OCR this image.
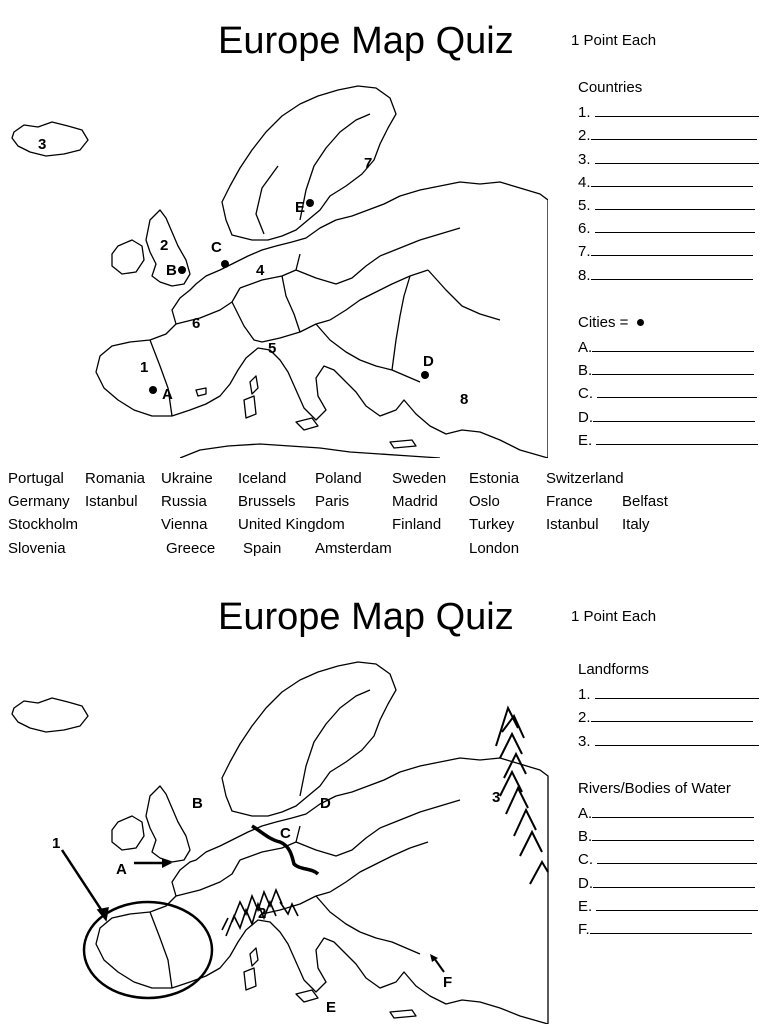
Europe Map Quiz	1 Point Each
1
2
3
4
5
6
7
8
A
B
C
D
E
Countries
1.
2.
3.
4.
5.
6.
7.
8.
Cities =
A.
B.
C.
D.
E.
Portugal Romania Ukraine Iceland Poland Sweden Estonia Switzerland
Germany Istanbul Russia Brussels Paris	Madrid Oslo	France Belfast
Stockholm	Vienna United Kingdom	Finland Turkey Istanbul Italy
Slovenia	Greece Spain Amsterdam	London
Europe Map Quiz	1 Point Each
1
2
3
A
B
C
D
E
F
Landforms
1.
2.
3.
Rivers/Bodies of Water
A.
B.
C.
D.
E.
F.
